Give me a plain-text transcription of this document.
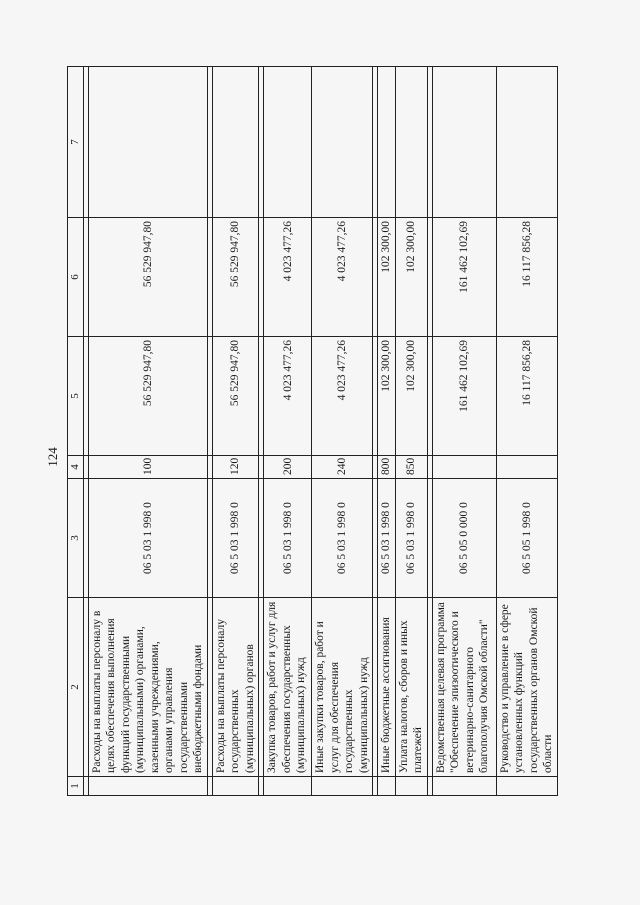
124
1	2	3	4	5	6	7

	Расходы на выплаты персоналу в целях обеспечения выполнения функций государственными (муниципальными) органами, казенными учреждениями, органами управления государственными внебюджетными фондами	06 5 03 1 998 0	100	56 529 947,80	56 529 947,80	

	Расходы на выплаты персоналу государственных (муниципальных) органов	06 5 03 1 998 0	120	56 529 947,80	56 529 947,80	

	Закупка товаров, работ и услуг для обеспечения государственных (муниципальных) нужд	06 5 03 1 998 0	200	4 023 477,26	4 023 477,26	
	Иные закупки товаров, работ и услуг для обеспечения государственных (муниципальных) нужд	06 5 03 1 998 0	240	4 023 477,26	4 023 477,26	

	Иные бюджетные ассигнования	06 5 03 1 998 0	800	102 300,00	102 300,00	
	Уплата налогов, сборов и иных платежей	06 5 03 1 998 0	850	102 300,00	102 300,00	

	Ведомственная целевая программа "Обеспечение эпизоотического и ветеринарно-санитарного благополучия Омской области"	06 5 05 0 000 0		161 462 102,69	161 462 102,69	
	Руководство и управление в сфере установленных функций государственных органов Омской области	06 5 05 1 998 0		16 117 856,28	16 117 856,28	
